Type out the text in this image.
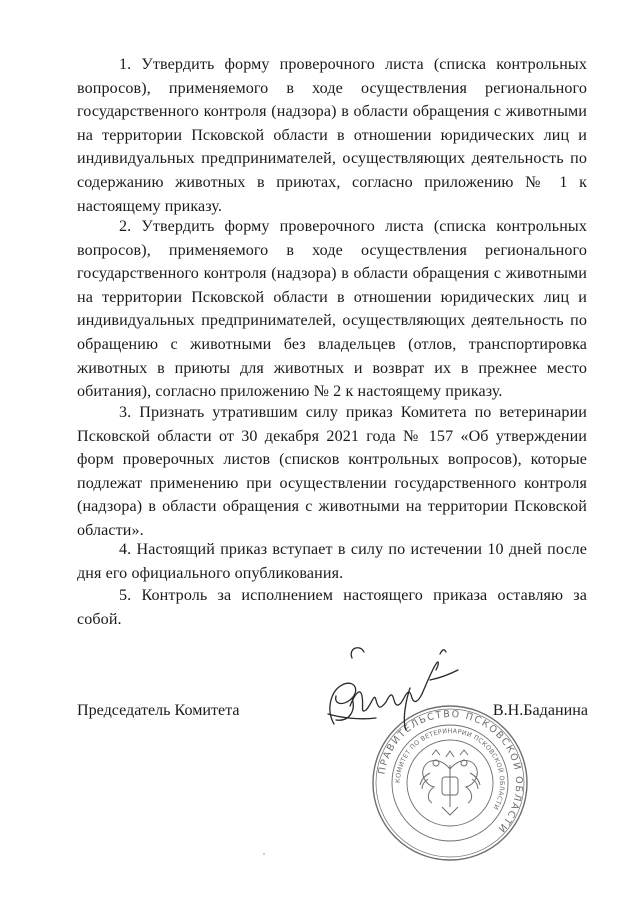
1. Утвердить форму проверочного листа (списка контрольных вопросов), применяемого в ходе осуществления регионального государственного контроля (надзора) в области обращения с животными на территории Псковской области в отношении юридических лиц и индивидуальных предпринимателей, осуществляющих деятельность по содержанию животных в приютах, согласно приложению № 1 к настоящему приказу.

2. Утвердить форму проверочного листа (списка контрольных вопросов), применяемого в ходе осуществления регионального государственного контроля (надзора) в области обращения с животными на территории Псковской области в отношении юридических лиц и индивидуальных предпринимателей, осуществляющих деятельность по обращению с животными без владельцев (отлов, транспортировка животных в приюты для животных и возврат их в прежнее место обитания), согласно приложению № 2 к настоящему приказу.

3. Признать утратившим силу приказ Комитета по ветеринарии Псковской области от 30 декабря 2021 года № 157 «Об утверждении форм проверочных листов (списков контрольных вопросов), которые подлежат применению при осуществлении государственного контроля (надзора) в области обращения с животными на территории Псковской области».

4. Настоящий приказ вступает в силу по истечении 10 дней после дня его официального опубликования.

5. Контроль за исполнением настоящего приказа оставляю за собой.

Председатель Комитета	В.Н.Баданина
ПРАВИТЕЛЬСТВО ПСКОВСКОЙ ОБЛАСТИ
КОМИТЕТ ПО ВЕТЕРИНАРИИ ПСКОВСКОЙ ОБЛАСТИ
